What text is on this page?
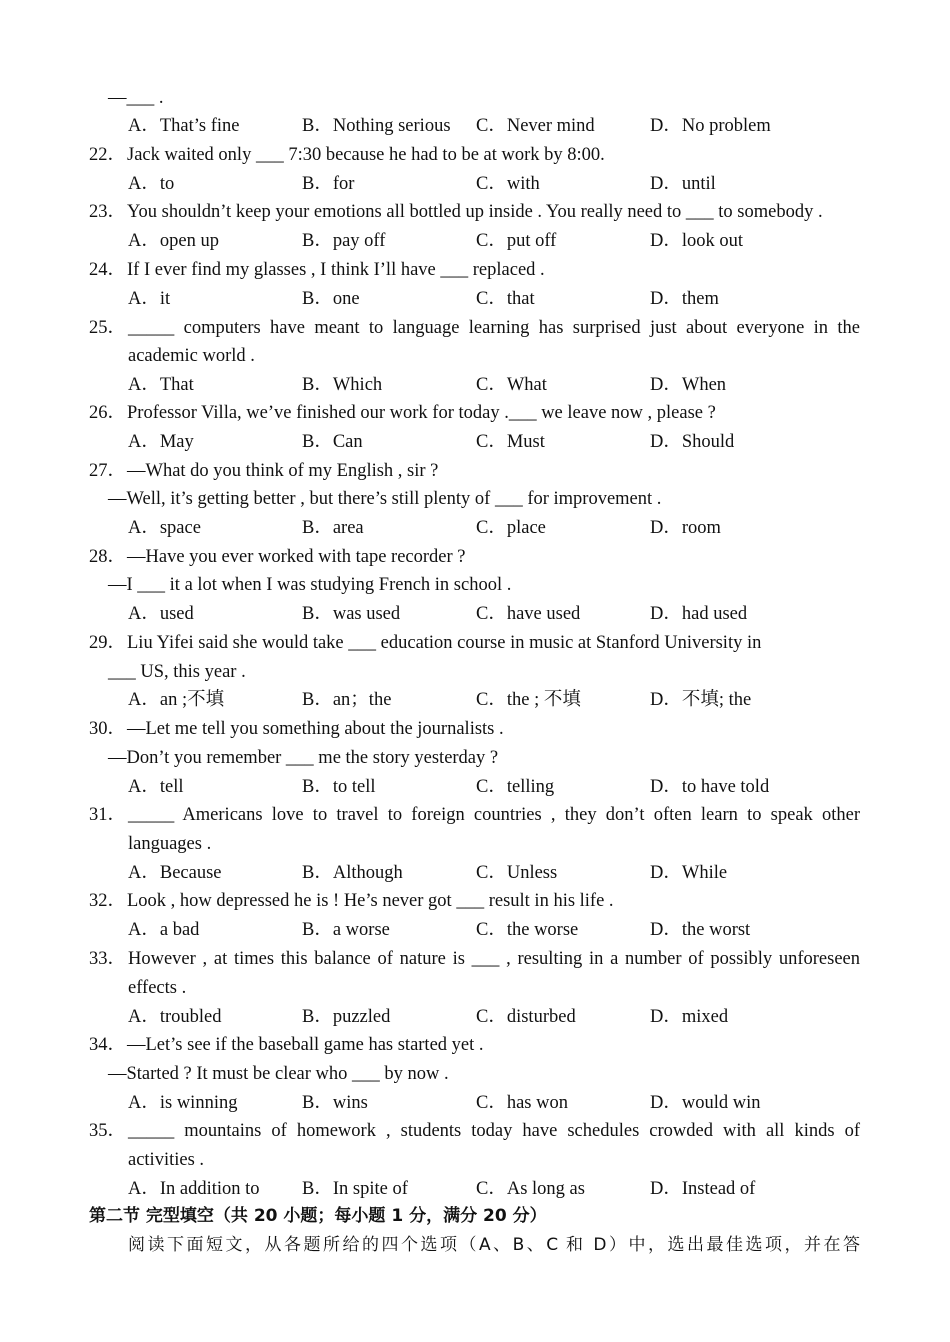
—___ .
A．That’s fine	B．Nothing serious C．Never mind	D．No problem
22．Jack waited only ___ 7:30 because he had to be at work by 8:00.
A．to	B．for	C．with	D．until
23．You shouldn’t keep your emotions all bottled up inside . You really need to ___ to somebody .
A．open up	B．pay off	C．put off	D．look out
24．If I ever find my glasses , I think I’ll have ___ replaced .
A．it	B．one	C．that	D．them
25． _____ computers have meant to language learning has surprised just about everyone in the
academic world .
A．That	B．Which	C．What	D．When
26．Professor Villa, we’ve finished our work for today .___ we leave now , please ?
A．May	B．Can	C．Must	D．Should
27．—What do you think of my English , sir ?
—Well, it’s getting better , but there’s still plenty of ___ for improvement .
A．space	B．area	C．place	D．room
28．—Have you ever worked with tape recorder ?
—I ___ it a lot when I was studying French in school .
A．used	B．was used	C．have used	D．had used
29．Liu Yifei said she would take ___ education course in music at Stanford University in
___ US, this year .
A．an ;不填	B．an；the	C．the ; 不填	D．不填; the
30．—Let me tell you something about the journalists .
—Don’t you remember ___ me the story yesterday ?
A．tell	B．to tell	C．telling	D．to have told
31． _____ Americans love to travel to foreign countries , they don’t often learn to speak other
languages .
A．Because	B．Although	C．Unless	D．While
32．Look , how depressed he is ! He’s never got ___ result in his life .
A．a bad	B．a worse	C．the worse	D．the worst
33． However , at times this balance of nature is ___ , resulting in a number of possibly unforeseen
effects .
A．troubled	B．puzzled	C．disturbed	D．mixed
34．—Let’s see if the baseball game has started yet .
—Started ? It must be clear who ___ by now .
A．is winning	B．wins	C．has won	D．would win
35． _____ mountains of homework , students today have schedules crowded with all kinds of
activities .
A．In addition to B．In spite of	C．As long as	D．Instead of
第二节 完型填空（共 20 小题；每小题 1 分，满分 20 分）
阅读下面短文，从各题所给的四个选项（A、B、C 和 D）中，选出最佳选项，并在答
